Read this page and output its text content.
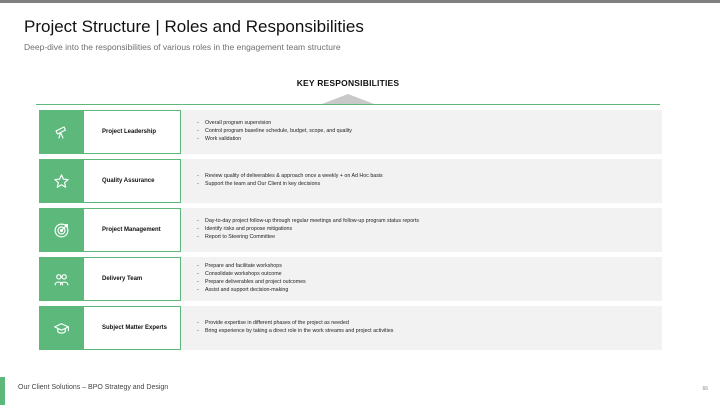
Project Structure | Roles and Responsibilities
Deep-dive into the responsibilities of various roles in the engagement team structure
KEY RESPONSIBILITIES
Project Leadership
- Overall program supervision
- Control program baseline schedule, budget, scope, and quality
- Work validation
Quality Assurance
- Review quality of deliverables & approach once a weekly + on Ad Hoc basis
- Support the team and Our Client in key decisions
Project Management
- Day-to-day project follow-up through regular meetings and follow-up program status reports
- Identify risks and propose mitigations
- Report to Steering Committee
Delivery Team
- Prepare and facilitate workshops
- Consolidate workshops outcome
- Prepare deliverables and project outcomes
- Assist and support decision-making
Subject Matter Experts
- Provide expertise in different phases of the project as needed
- Bring experience by taking a direct role in the work streams and project activities
Our Client Solutions – BPO Strategy and Design	66
